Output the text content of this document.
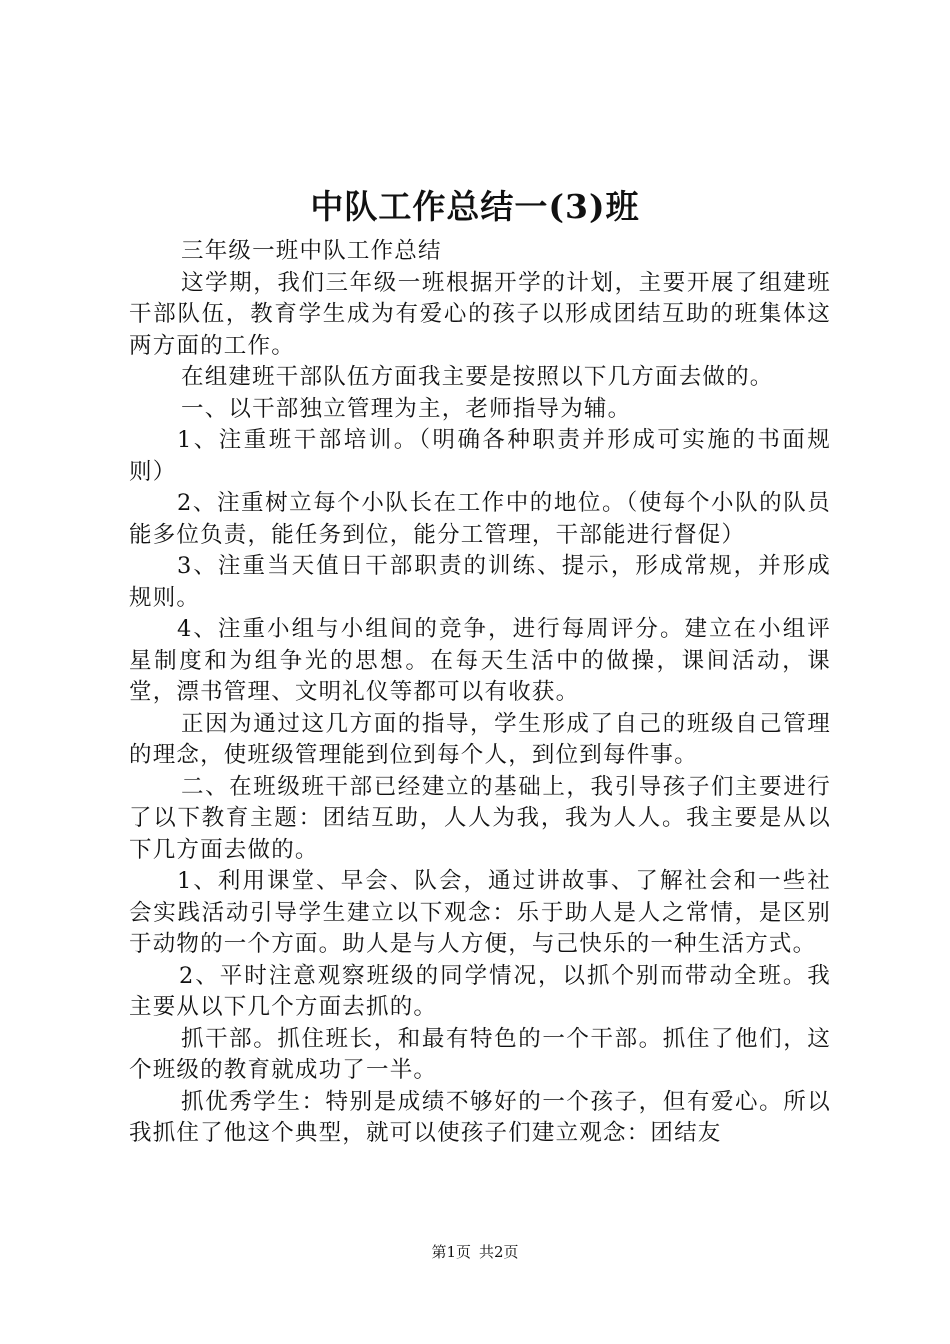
中队工作总结一(3)班

三年级一班中队工作总结

这学期，我们三年级一班根据开学的计划，主要开展了组建班干部队伍，教育学生成为有爱心的孩子以形成团结互助的班集体这两方面的工作。

在组建班干部队伍方面我主要是按照以下几方面去做的。

一、以干部独立管理为主，老师指导为辅。

1、注重班干部培训。（明确各种职责并形成可实施的书面规则）

2、注重树立每个小队长在工作中的地位。（使每个小队的队员能多位负责，能任务到位，能分工管理，干部能进行督促）

3、注重当天值日干部职责的训练、提示，形成常规，并形成规则。

4、注重小组与小组间的竞争，进行每周评分。建立在小组评星制度和为组争光的思想。在每天生活中的做操，课间活动，课堂，漂书管理、文明礼仪等都可以有收获。

正因为通过这几方面的指导，学生形成了自己的班级自己管理的理念，使班级管理能到位到每个人，到位到每件事。

二、在班级班干部已经建立的基础上，我引导孩子们主要进行了以下教育主题：团结互助，人人为我，我为人人。我主要是从以下几方面去做的。

1、利用课堂、早会、队会，通过讲故事、了解社会和一些社会实践活动引导学生建立以下观念：乐于助人是人之常情，是区别于动物的一个方面。助人是与人方便，与己快乐的一种生活方式。

2、平时注意观察班级的同学情况，以抓个别而带动全班。我主要从以下几个方面去抓的。

抓干部。抓住班长，和最有特色的一个干部。抓住了他们，这个班级的教育就成功了一半。

抓优秀学生：特别是成绩不够好的一个孩子，但有爱心。所以我抓住了他这个典型，就可以使孩子们建立观念：团结友

第1页 共2页
